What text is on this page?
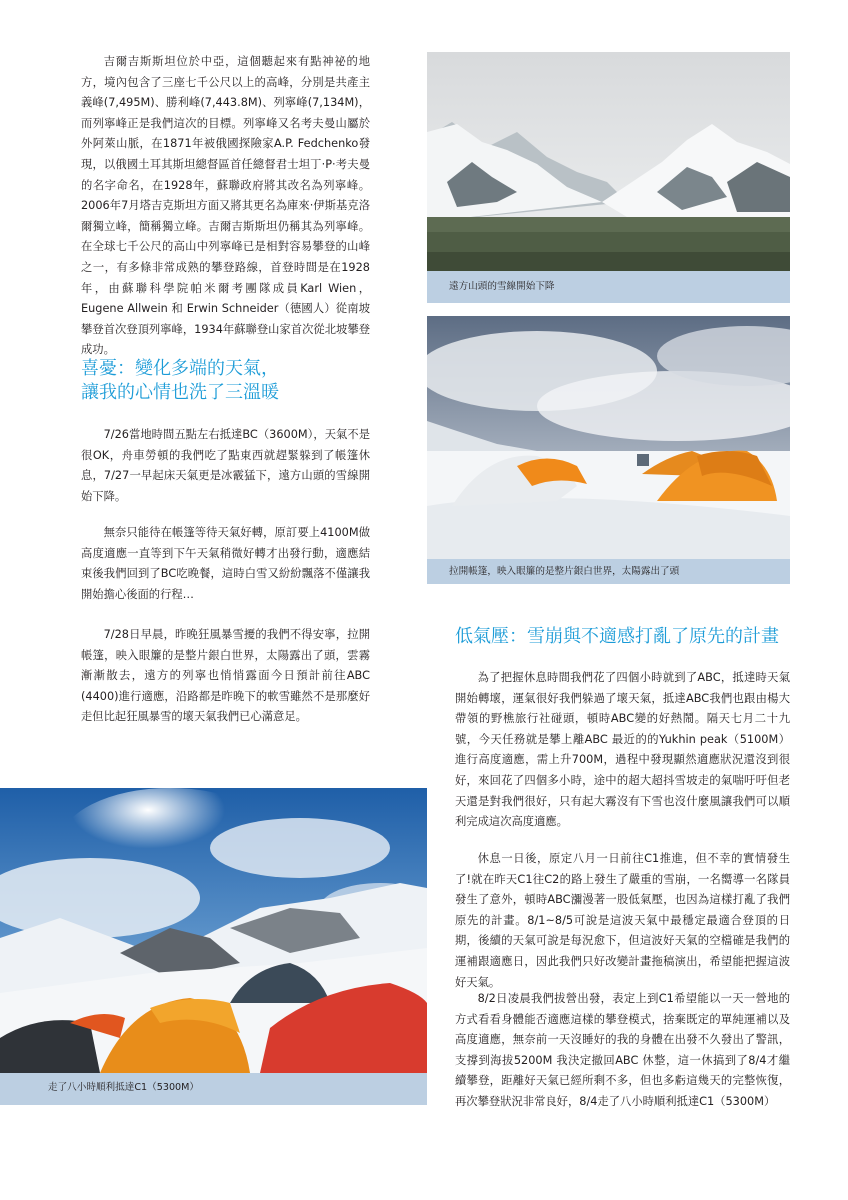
吉爾吉斯斯坦位於中亞，這個聽起來有點神祕的地方，境內包含了三座七千公尺以上的高峰，分別是共產主義峰(7,495M)、勝利峰(7,443.8M)、列寧峰(7,134M)，而列寧峰正是我們這次的目標。列寧峰又名考夫曼山屬於外阿萊山脈，在1871年被俄國探險家A.P. Fedchenko發現，以俄國土耳其斯坦總督區首任總督君士坦丁·P·考夫曼的名字命名，在1928年，蘇聯政府將其改名為列寧峰。2006年7月塔吉克斯坦方面又將其更名為庫來·伊斯基克洛爾獨立峰，簡稱獨立峰。吉爾吉斯斯坦仍稱其為列寧峰。在全球七千公尺的高山中列寧峰已是相對容易攀登的山峰之一，有多條非常成熟的攀登路線，首登時間是在1928年，由蘇聯科學院帕米爾考團隊成員Karl Wien， Eugene Allwein 和 Erwin Schneider（德國人）從南坡攀登首次登頂列寧峰，1934年蘇聯登山家首次從北坡攀登成功。

喜憂：變化多端的天氣，
讓我的心情也洗了三溫暖

7/26當地時間五點左右抵達BC（3600M），天氣不是很OK，舟車勞頓的我們吃了點東西就趕緊躲到了帳篷休息，7/27一早起床天氣更是冰霰猛下，遠方山頭的雪線開始下降。

無奈只能待在帳篷等待天氣好轉，原訂要上4100M做高度適應一直等到下午天氣稍微好轉才出發行動，適應結束後我們回到了BC吃晚餐，這時白雪又紛紛飄落不僅讓我開始擔心後面的行程…

7/28日早晨，昨晚狂風暴雪擾的我們不得安寧，拉開帳篷，映入眼簾的是整片銀白世界，太陽露出了頭，雲霧漸漸散去，遠方的列寧也悄悄露面今日預計前往ABC (4400)進行適應，沿路都是昨晚下的軟雪雖然不是那麼好走但比起狂風暴雪的壞天氣我們已心滿意足。

遠方山頭的雪線開始下降
拉開帳篷，映入眼簾的是整片銀白世界，太陽露出了頭
低氣壓：雪崩與不適感打亂了原先的計畫

為了把握休息時間我們花了四個小時就到了ABC，抵達時天氣開始轉壞，運氣很好我們躲過了壞天氣，抵達ABC我們也跟由楊大帶領的野樵旅行社碰頭，頓時ABC變的好熱鬧。隔天七月二十九號，今天任務就是攀上離ABC 最近的的Yukhin peak（5100M）進行高度適應，需上升700M，過程中發現顯然適應狀況還沒到很好，來回花了四個多小時，途中的超大超抖雪坡走的氣喘吁吁但老天還是對我們很好，只有起大霧沒有下雪也沒什麼風讓我們可以順利完成這次高度適應。

休息一日後，原定八月一日前往C1推進，但不幸的實情發生了!就在昨天C1往C2的路上發生了嚴重的雪崩，一名嚮導一名隊員發生了意外，頓時ABC瀰漫著一股低氣壓，也因為這樣打亂了我們原先的計畫。8/1~8/5可說是這波天氣中最穩定最適合登頂的日期，後續的天氣可說是每況愈下，但這波好天氣的空檔確是我們的運補跟適應日，因此我們只好改變計畫拖稿演出，希望能把握這波好天氣。

8/2日凌晨我們拔營出發，表定上到C1希望能以一天一營地的方式看看身體能否適應這樣的攀登模式，捨棄既定的單純運補以及高度適應，無奈前一天沒睡好的我的身體在出發不久發出了警訊，支撐到海拔5200M 我決定撤回ABC 休整，這一休搞到了8/4才繼續攀登，距離好天氣已經所剩不多，但也多虧這幾天的完整恢復，再次攀登狀況非常良好，8/4走了八小時順利抵達C1（5300M）

走了八小時順利抵達C1（5300M）
